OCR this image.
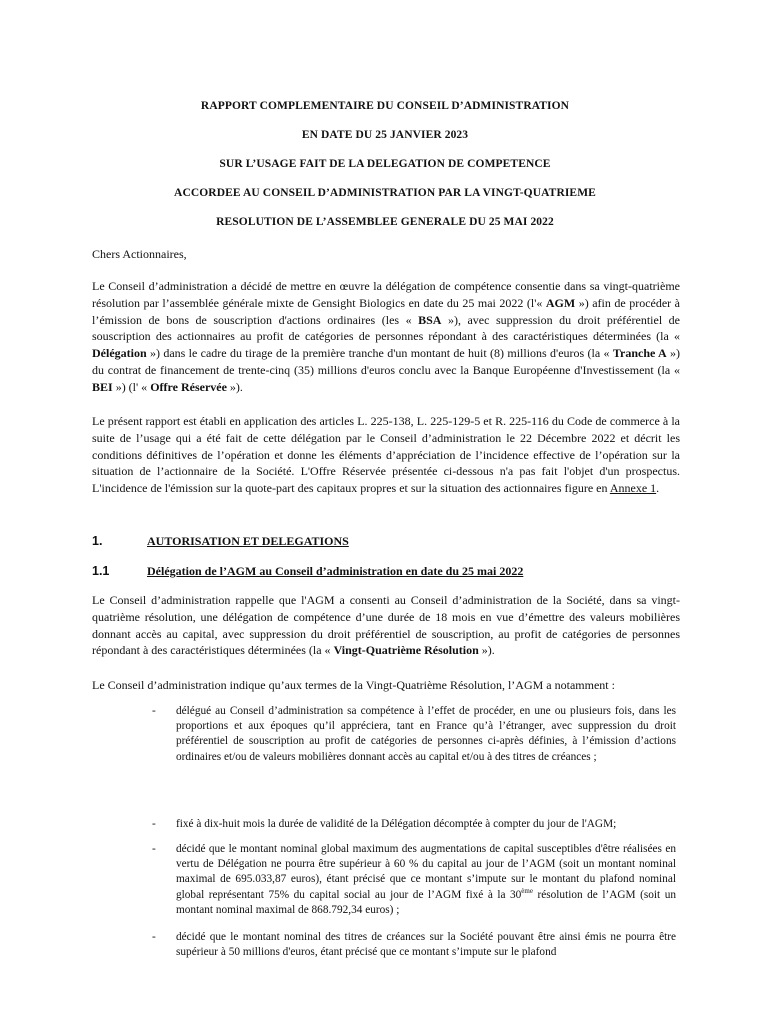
RAPPORT COMPLEMENTAIRE DU CONSEIL D’ADMINISTRATION
EN DATE DU 25 JANVIER 2023
SUR L’USAGE FAIT DE LA DELEGATION DE COMPETENCE
ACCORDEE AU CONSEIL D’ADMINISTRATION PAR LA VINGT-QUATRIEME
RESOLUTION DE L’ASSEMBLEE GENERALE DU 25 MAI 2022
Chers Actionnaires,
Le Conseil d’administration a décidé de mettre en œuvre la délégation de compétence consentie dans sa vingt-quatrième résolution par l’assemblée générale mixte de Gensight Biologics en date du 25 mai 2022 (l'« AGM ») afin de procéder à l’émission de bons de souscription d'actions ordinaires (les « BSA »), avec suppression du droit préférentiel de souscription des actionnaires au profit de catégories de personnes répondant à des caractéristiques déterminées (la « Délégation ») dans le cadre du tirage de la première tranche d'un montant de huit (8) millions d'euros (la « Tranche A ») du contrat de financement de trente-cinq (35) millions d'euros conclu avec la Banque Européenne d'Investissement (la « BEI ») (l' « Offre Réservée »).
Le présent rapport est établi en application des articles L. 225-138, L. 225-129-5 et R. 225-116 du Code de commerce à la suite de l’usage qui a été fait de cette délégation par le Conseil d’administration le 22 Décembre 2022 et décrit les conditions définitives de l’opération et donne les éléments d’appréciation de l’incidence effective de l’opération sur la situation de l’actionnaire de la Société. L'Offre Réservée présentée ci-dessous n'a pas fait l'objet d'un prospectus. L'incidence de l'émission sur la quote-part des capitaux propres et sur la situation des actionnaires figure en Annexe 1.
1.	AUTORISATION ET DELEGATIONS
1.1	Délégation de l’AGM au Conseil d’administration en date du 25 mai 2022
Le Conseil d’administration rappelle que l'AGM a consenti au Conseil d’administration de la Société, dans sa vingt-quatrième résolution, une délégation de compétence d’une durée de 18 mois en vue d’émettre des valeurs mobilières donnant accès au capital, avec suppression du droit préférentiel de souscription, au profit de catégories de personnes répondant à des caractéristiques déterminées (la « Vingt-Quatrième Résolution »).
Le Conseil d’administration indique qu’aux termes de la Vingt-Quatrième Résolution, l’AGM a notamment :
- délégué au Conseil d’administration sa compétence à l’effet de procéder, en une ou plusieurs fois, dans les proportions et aux époques qu’il appréciera, tant en France qu’à l’étranger, avec suppression du droit préférentiel de souscription au profit de catégories de personnes ci-après définies, à l’émission d’actions ordinaires et/ou de valeurs mobilières donnant accès au capital et/ou à des titres de créances ;
- fixé à dix-huit mois la durée de validité de la Délégation décomptée à compter du jour de l'AGM;
- décidé que le montant nominal global maximum des augmentations de capital susceptibles d'être réalisées en vertu de Délégation ne pourra être supérieur à 60 % du capital au jour de l’AGM (soit un montant nominal maximal de 695.033,87 euros), étant précisé que ce montant s’impute sur le montant du plafond nominal global représentant 75% du capital social au jour de l’AGM fixé à la 30ème résolution de l’AGM (soit un montant nominal maximal de 868.792,34 euros) ;
- décidé que le montant nominal des titres de créances sur la Société pouvant être ainsi émis ne pourra être supérieur à 50 millions d'euros, étant précisé que ce montant s’impute sur le plafond
